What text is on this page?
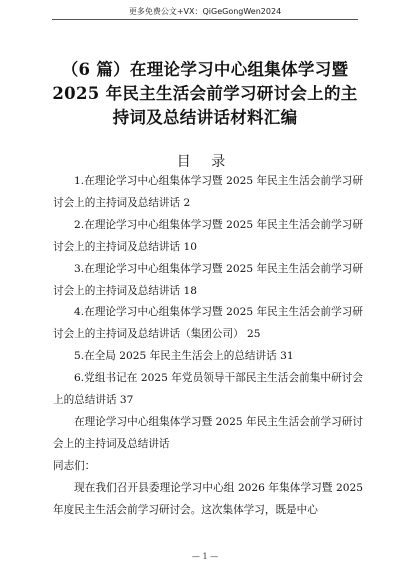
更多免费公文+VX：QiGeGongWen2024
（6 篇）在理论学习中心组集体学习暨
2025 年民主生活会前学习研讨会上的主
持词及总结讲话材料汇编
目 录

1.在理论学习中心组集体学习暨 2025 年民主生活会前学习研讨会上的主持词及总结讲话 2

2.在理论学习中心组集体学习暨 2025 年民主生活会前学习研讨会上的主持词及总结讲话 10

3.在理论学习中心组集体学习暨 2025 年民主生活会前学习研讨会上的主持词及总结讲话 18

4.在理论学习中心组集体学习暨 2025 年民主生活会前学习研讨会上的主持词及总结讲话（集团公司） 25

5.在全局 2025 年民主生活会上的总结讲话 31

6.党组书记在 2025 年党员领导干部民主生活会前集中研讨会上的总结讲话 37

在理论学习中心组集体学习暨 2025 年民主生活会前学习研讨会上的主持词及总结讲话

同志们：

现在我们召开县委理论学习中心组 2026 年集体学习暨 2025 年度民主生活会前学习研讨会。这次集体学习，既是中心

— 1 —
